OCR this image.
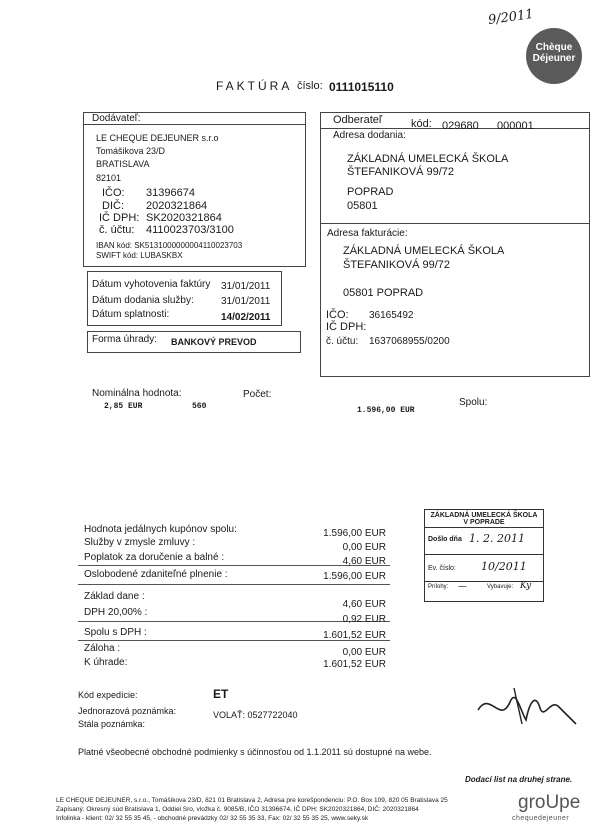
9/2011
Chèque
Déjeuner
FAKTÚRA číslo: 0111015110
Dodávateľ:
LE CHEQUE DEJEUNER s.r.o
Tomášikova 23/D
BRATISLAVA
82101
IČO: 31396674
DIČ: 2020321864
IČ DPH: SK2020321864
č. účtu: 4110023703/3100
IBAN kód: SK5131000000004110023703
SWIFT kód: LUBASKBX
Dátum vyhotovenia faktúry 31/01/2011
Dátum dodania služby:	31/01/2011
Dátum splatnosti:	14/02/2011
Forma úhrady: BANKOVÝ PREVOD
Odberateľ	kód: 029680 000001
Adresa dodania:
ZÁKLADNÁ UMELECKÁ ŠKOLA
ŠTEFANIKOVÁ 99/72
POPRAD
05801
Adresa fakturácie:
ZÁKLADNÁ UMELECKÁ ŠKOLA
ŠTEFANIKOVÁ 99/72
05801 POPRAD
IČO: 36165492
IČ DPH:
č. účtu: 1637068955/0200
Nominálna hodnota:
2,85 EUR
Počet:
560	Spolu:
1.596,00 EUR
Hodnota jedálnych kupónov spolu:	1.596,00 EUR
Služby v zmysle zmluvy :	0,00 EUR
Poplatok za doručenie a balné :	4,60 EUR
Oslobodené zdaniteľné plnenie :	1.596,00 EUR
Základ dane :
4,60 EUR
DPH 20,00% :
0,92 EUR
Spolu s DPH :	1.601,52 EUR
Záloha :	0,00 EUR
K úhrade:	1.601,52 EUR
ZÁKLADNÁ UMELECKÁ ŠKOLA
V POPRADE
Došlo dňa 1. 2. 2011
Ev. číslo: 10/2011
Prílohy: —	Vybavuje: Ky
Kód expedície:	ET
Jednorazová poznámka:	VOLAŤ: 0527722040
Stála poznámka:
Platné všeobecné obchodné podmienky s účinnosťou od 1.1.2011 sú dostupné na webe.
Dodací list na druhej strane.
LE CHEQUE DEJEUNER, s.r.o., Tomášikova 23/D, 821 01 Bratislava 2, Adresa pre korešpondenciu: P.O. Box 109, 820 05 Bratislava 25
Zapísaný: Okresný súd Bratislava 1, Oddiel Sro, vložka č. 9085/B, IČO 31396674, IČ DPH: SK2020321864, DIČ: 2020321864
Infolinka - klient: 02/ 32 55 35 45, - obchodné prevádzky 02/ 32 55 35 33, Fax: 02/ 32 55 35 25, www.seky.sk
groUpe
chequedejeuner
